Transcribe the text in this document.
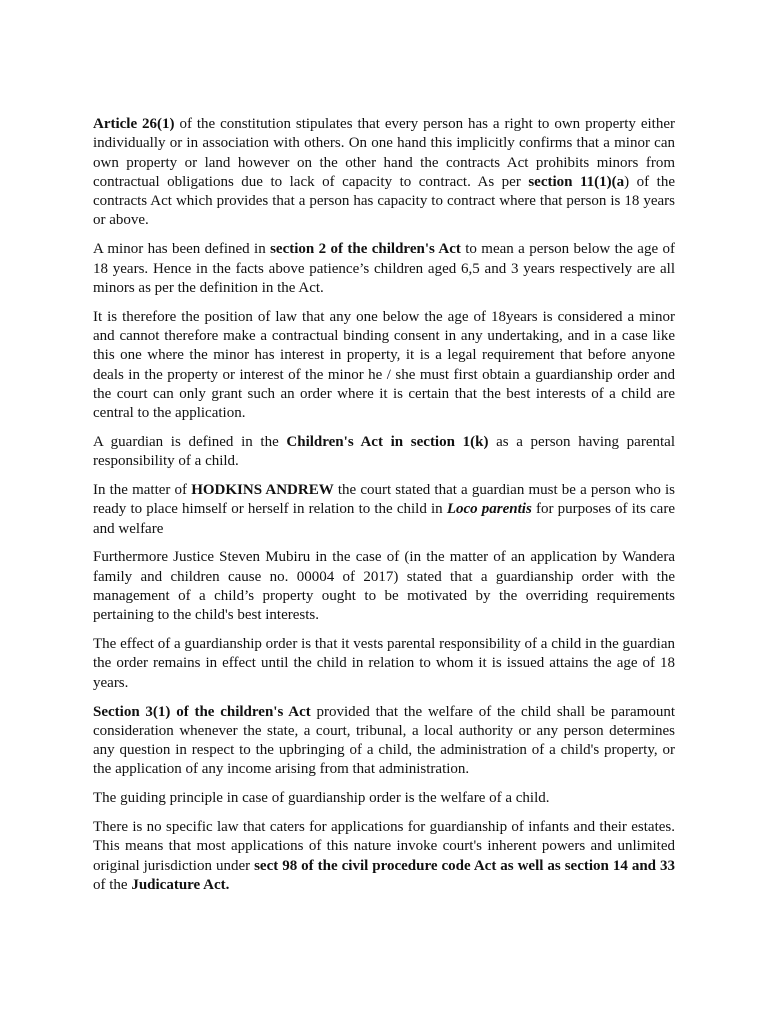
Article 26(1) of the constitution stipulates that every person has a right to own property either individually or in association with others. On one hand this implicitly confirms that a minor can own property or land however on the other hand the contracts Act prohibits minors from contractual obligations due to lack of capacity to contract. As per section 11(1)(a) of the contracts Act which provides that a person has capacity to contract where that person is 18 years or above.

A minor has been defined in section 2 of the children's Act to mean a person below the age of 18 years. Hence in the facts above patience’s children aged 6,5 and 3 years respectively are all minors as per the definition in the Act.

It is therefore the position of law that any one below the age of 18years is considered a minor and cannot therefore make a contractual binding consent in any undertaking, and in a case like this one where the minor has interest in property, it is a legal requirement that before anyone deals in the property or interest of the minor he / she must first obtain a guardianship order and the court can only grant such an order where it is certain that the best interests of a child are central to the application.

A guardian is defined in the Children's Act in section 1(k) as a person having parental responsibility of a child.

In the matter of HODKINS ANDREW the court stated that a guardian must be a person who is ready to place himself or herself in relation to the child in Loco parentis for purposes of its care and welfare

Furthermore Justice Steven Mubiru in the case of (in the matter of an application by Wandera family and children cause no. 00004 of 2017) stated that a guardianship order with the management of a child’s property ought to be motivated by the overriding requirements pertaining to the child's best interests.

The effect of a guardianship order is that it vests parental responsibility of a child in the guardian the order remains in effect until the child in relation to whom it is issued attains the age of 18 years.

Section 3(1) of the children's Act provided that the welfare of the child shall be paramount consideration whenever the state, a court, tribunal, a local authority or any person determines any question in respect to the upbringing of a child, the administration of a child's property, or the application of any income arising from that administration.

The guiding principle in case of guardianship order is the welfare of a child.

There is no specific law that caters for applications for guardianship of infants and their estates. This means that most applications of this nature invoke court's inherent powers and unlimited original jurisdiction under sect 98 of the civil procedure code Act as well as section 14 and 33 of the Judicature Act.
